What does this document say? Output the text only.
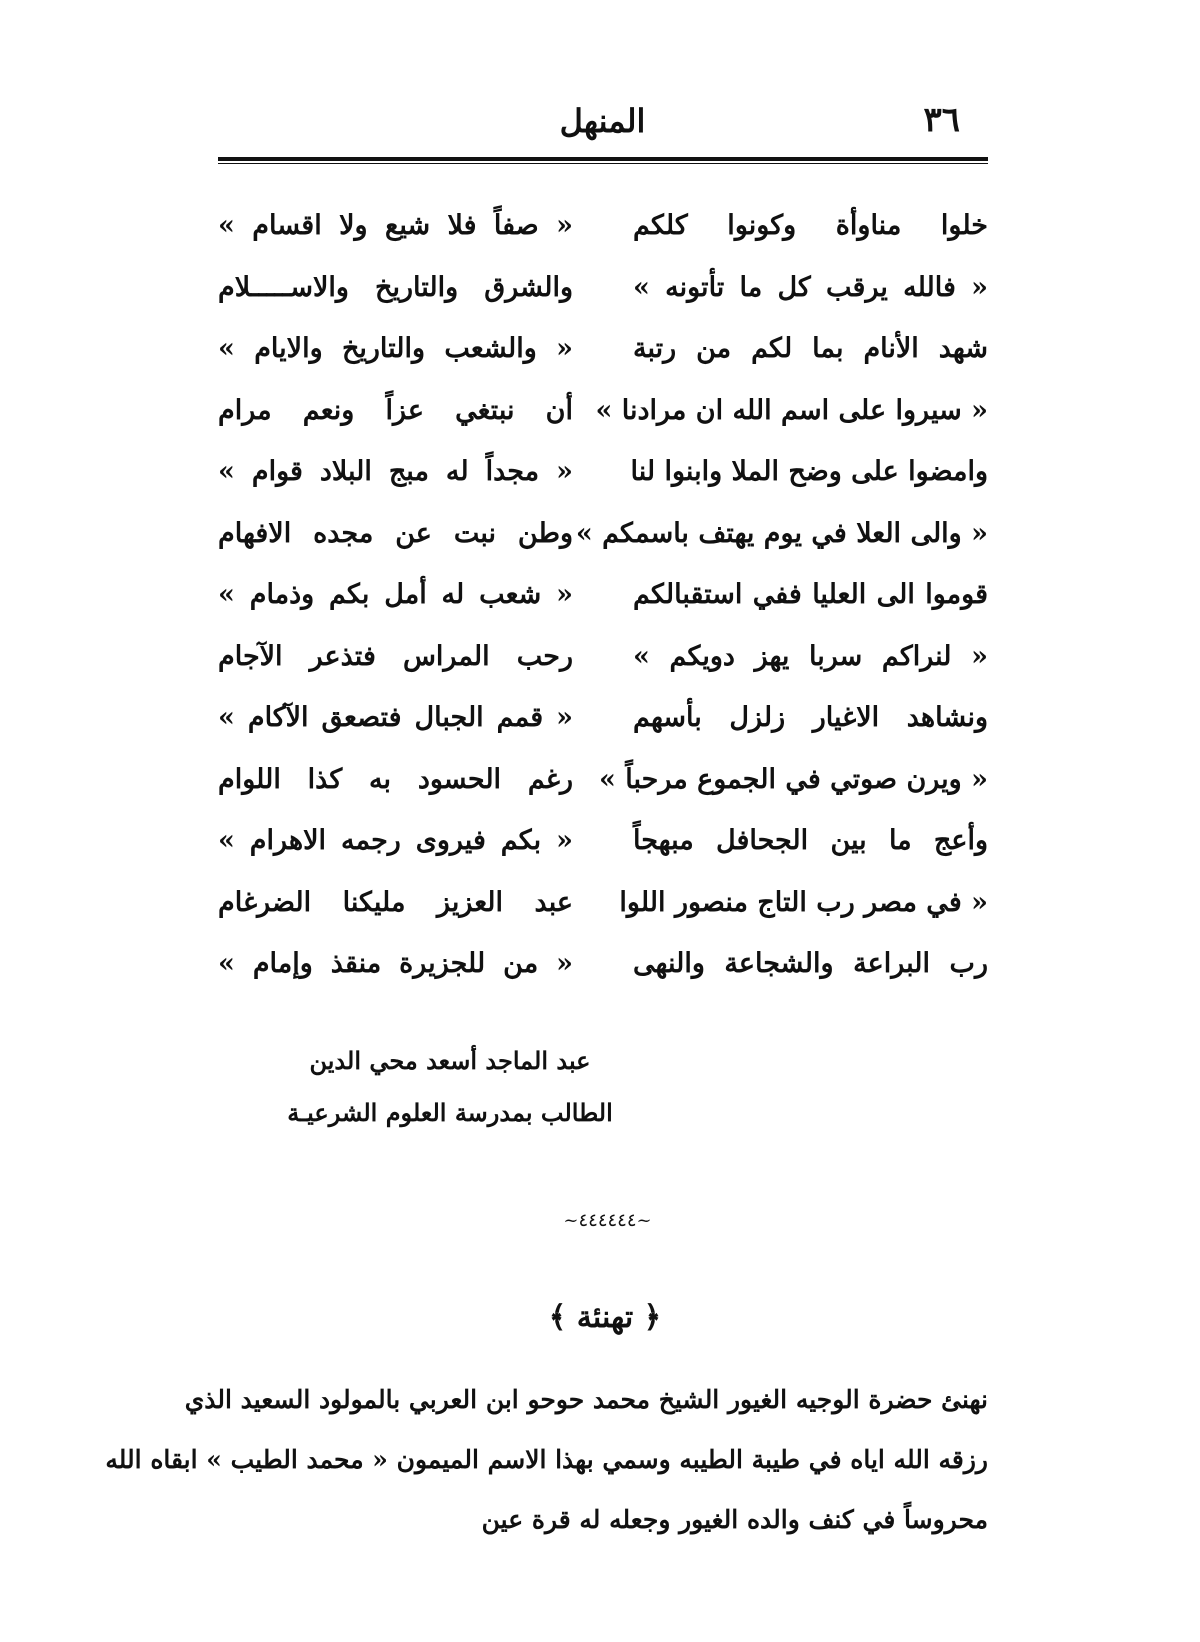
٣٦
المنهل
خلوا مناوأة وكونوا كلكم
« صفاً فلا شيع ولا اقسام »
« فالله يرقب كل ما تأتونه »
والشرق والتاريخ والاســـــلام
شهد الأنام بما لكم من رتبة
« والشعب والتاريخ والايام »
« سيروا على اسم الله ان مرادنا »
أن نبتغي عزاً ونعم مرام
وامضوا على وضح الملا وابنوا لنا
« مجداً له مبج البلاد قوام »
« والى العلا في يوم يهتف باسمكم »
وطن نبت عن مجده الافهام
قوموا الى العليا ففي استقبالكم
« شعب له أمل بكم وذمام »
« لنراكم سربا يهز دويكم »
رحب المراس فتذعر الآجام
ونشاهد الاغيار زلزل بأسهم
« قمم الجبال فتصعق الآكام »
« ويرن صوتي في الجموع مرحباً »
رغم الحسود به كذا اللوام
وأعج ما بين الجحافل مبهجاً
« بكم فيروى رجمه الاهرام »
« في مصر رب التاج منصور اللوا
عبد العزيز مليكنا الضرغام
رب البراعة والشجاعة والنهى
« من للجزيرة منقذ وإمام »
عبد الماجد أسعد محي الدين
الطالب بمدرسة العلوم الشرعيـة
~٤٤٤٤٤٤~
﴿ تهنئة ﴾
نهنئ حضرة الوجيه الغيور الشيخ محمد حوحو ابن العربي بالمولود السعيد الذي
رزقه الله اياه في طيبة الطيبه وسمي بهذا الاسم الميمون « محمد الطيب » ابقاه الله
محروساً في كنف والده الغيور وجعله له قرة عين
